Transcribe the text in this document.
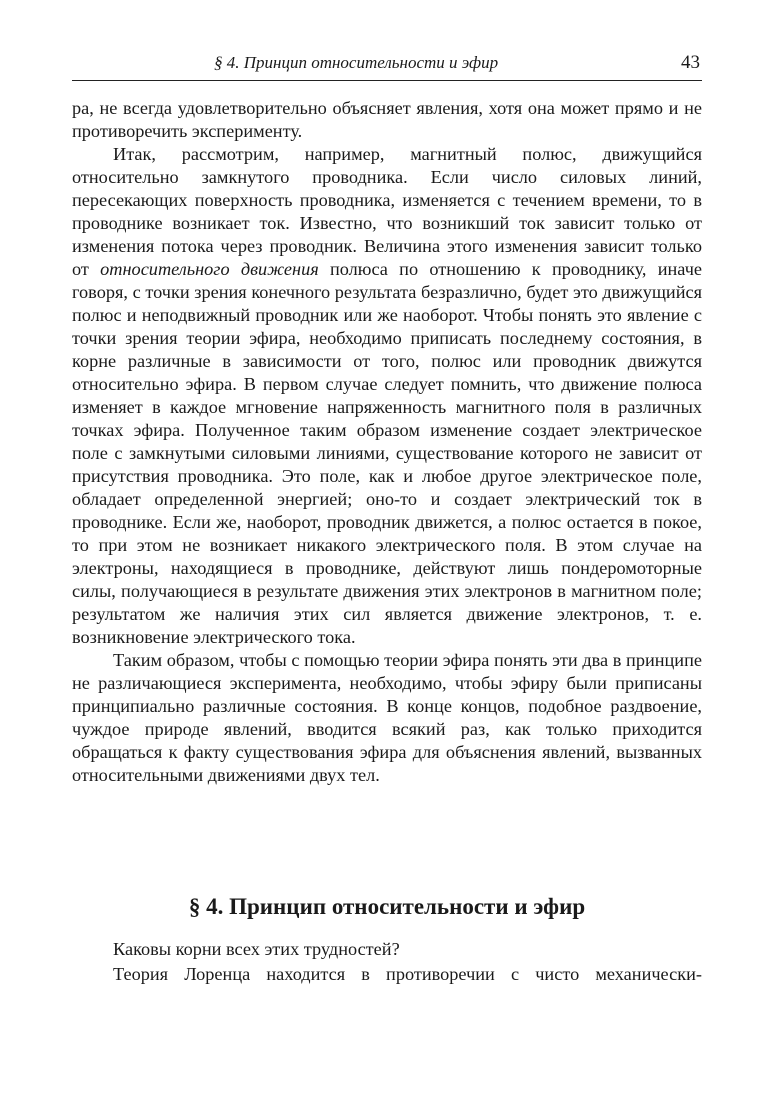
§ 4. Принцип относительности и эфир	43

ра, не всегда удовлетворительно объясняет явления, хотя она может прямо и не противоречить эксперименту.

Итак, рассмотрим, например, магнитный полюс, движущийся относительно замкнутого проводника. Если число силовых линий, пересекающих поверхность проводника, изменяется с течением времени, то в проводнике возникает ток. Известно, что возникший ток зависит только от изменения потока через проводник. Величина этого изменения зависит только от относительного движения полюса по отношению к проводнику, иначе говоря, с точки зрения конечного результата безразлично, будет это движущийся полюс и неподвижный проводник или же наоборот. Чтобы понять это явление с точки зрения теории эфира, необходимо приписать последнему состояния, в корне различные в зависимости от того, полюс или проводник движутся относительно эфира. В первом случае следует помнить, что движение полюса изменяет в каждое мгновение напряженность магнитного поля в различных точках эфира. Полученное таким образом изменение создает электрическое поле с замкнутыми силовыми линиями, существование которого не зависит от присутствия проводника. Это поле, как и любое другое электрическое поле, обладает определенной энергией; оно-то и создает электрический ток в проводнике. Если же, наоборот, проводник движется, а полюс остается в покое, то при этом не возникает никакого электрического поля. В этом случае на электроны, находящиеся в проводнике, действуют лишь пондеромоторные силы, получающиеся в результате движения этих электронов в магнитном поле; результатом же наличия этих сил является движение электронов, т. е. возникновение электрического тока.

Таким образом, чтобы с помощью теории эфира понять эти два в принципе не различающиеся эксперимента, необходимо, чтобы эфиру были приписаны принципиально различные состояния. В конце концов, подобное раздвоение, чуждое природе явлений, вводится всякий раз, как только приходится обращаться к факту существования эфира для объяснения явлений, вызванных относительными движениями двух тел.

§ 4. Принцип относительности и эфир

Каковы корни всех этих трудностей?

Теория Лоренца находится в противоречии с чисто механически-
